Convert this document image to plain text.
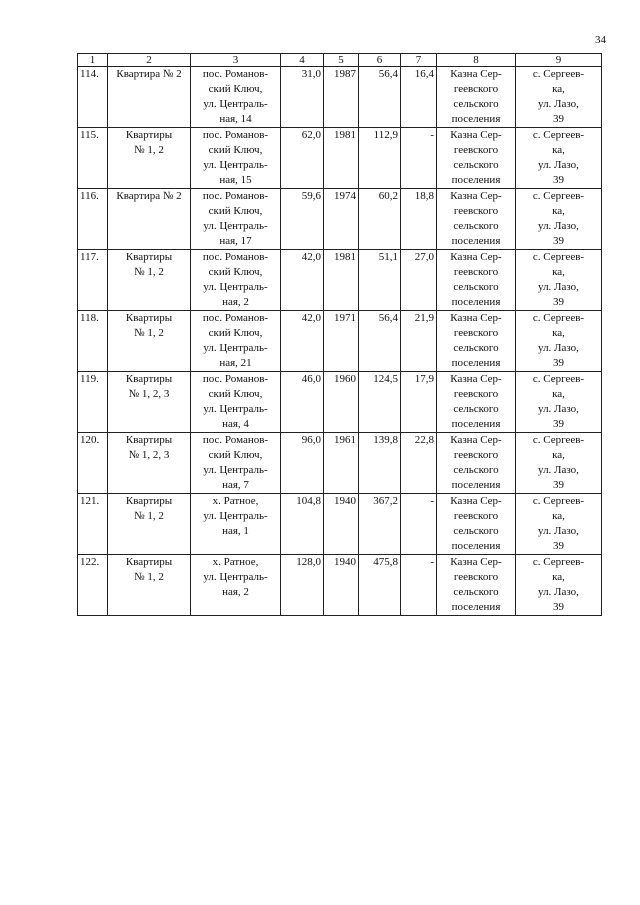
34
1	2	3	4	5	6	7	8	9
114.	Квартира № 2	пос. Романов-
ский Ключ,
ул. Централь-
ная, 14	31,0	1987	56,4	16,4	Казна Сер-
геевского
сельского
поселения	с. Сергеев-
ка,
ул. Лазо,
39

115.	Квартиры
№ 1, 2	пос. Романов-
ский Ключ,
ул. Централь-
ная, 15	62,0	1981	112,9	-	Казна Сер-
геевского
сельского
поселения	с. Сергеев-
ка,
ул. Лазо,
39

116.	Квартира № 2	пос. Романов-
ский Ключ,
ул. Централь-
ная, 17	59,6	1974	60,2	18,8	Казна Сер-
геевского
сельского
поселения	с. Сергеев-
ка,
ул. Лазо,
39

117.	Квартиры
№ 1, 2	пос. Романов-
ский Ключ,
ул. Централь-
ная, 2	42,0	1981	51,1	27,0	Казна Сер-
геевского
сельского
поселения	с. Сергеев-
ка,
ул. Лазо,
39

118.	Квартиры
№ 1, 2	пос. Романов-
ский Ключ,
ул. Централь-
ная, 21	42,0	1971	56,4	21,9	Казна Сер-
геевского
сельского
поселения	с. Сергеев-
ка,
ул. Лазо,
39

119.	Квартиры
№ 1, 2, 3	пос. Романов-
ский Ключ,
ул. Централь-
ная, 4	46,0	1960	124,5	17,9	Казна Сер-
геевского
сельского
поселения	с. Сергеев-
ка,
ул. Лазо,
39

120.	Квартиры
№ 1, 2, 3	пос. Романов-
ский Ключ,
ул. Централь-
ная, 7	96,0	1961	139,8	22,8	Казна Сер-
геевского
сельского
поселения	с. Сергеев-
ка,
ул. Лазо,
39

121.	Квартиры
№ 1, 2	х. Ратное,
ул. Централь-
ная, 1	104,8	1940	367,2	-	Казна Сер-
геевского
сельского
поселения	с. Сергеев-
ка,
ул. Лазо,
39

122.	Квартиры
№ 1, 2	х. Ратное,
ул. Централь-
ная, 2	128,0	1940	475,8	-	Казна Сер-
геевского
сельского
поселения	с. Сергеев-
ка,
ул. Лазо,
39
